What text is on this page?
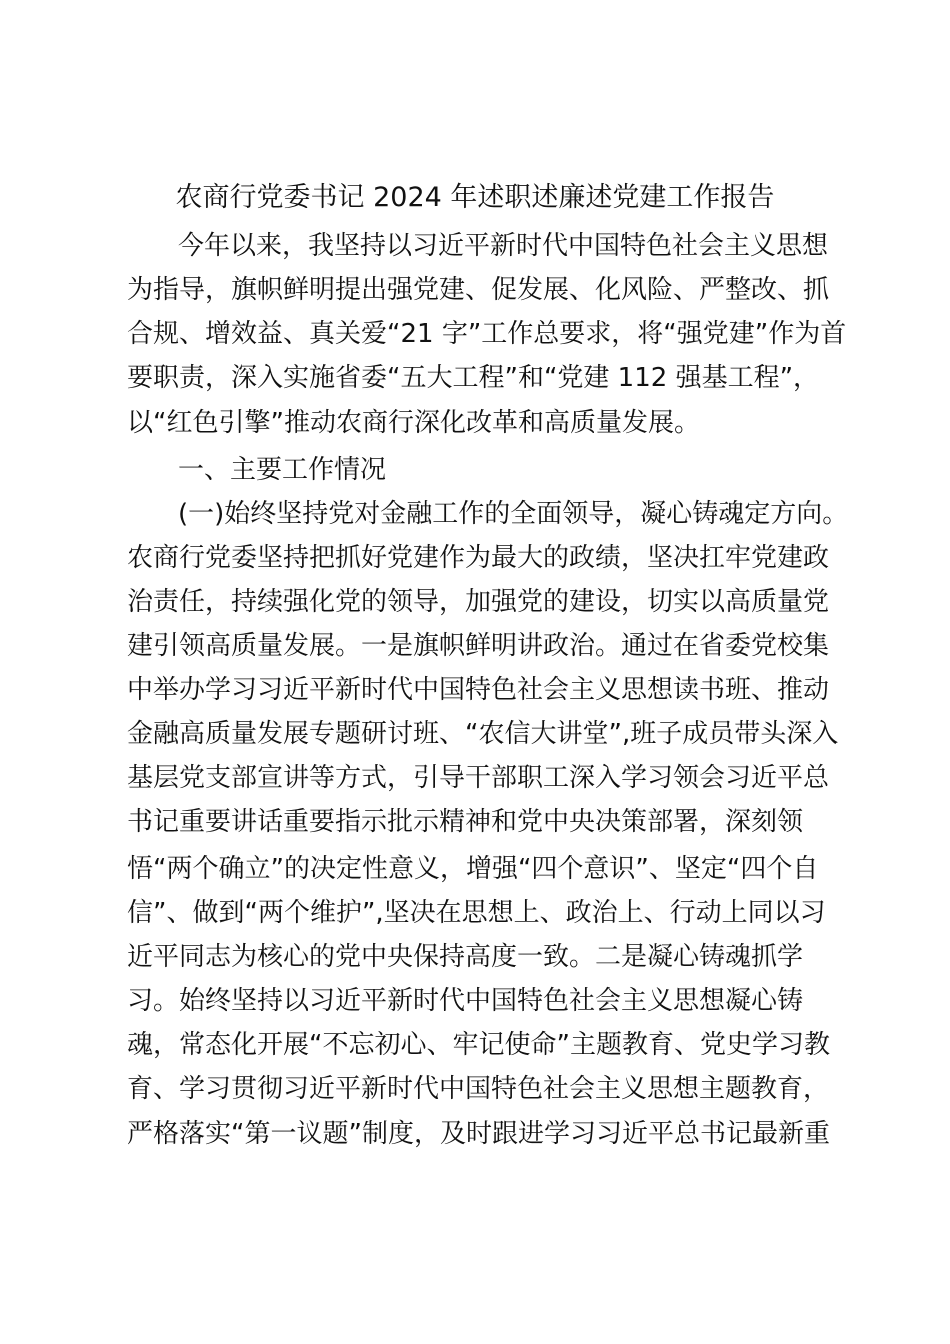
农商行党委书记 2024 年述职述廉述党建工作报告
今年以来，我坚持以习近平新时代中国特色社会主义思想
为指导，旗帜鲜明提出强党建、促发展、化风险、严整改、抓
合规、增效益、真关爱“21 字”工作总要求，将“强党建”作为首
要职责，深入实施省委“五大工程”和“党建 112 强基工程”，
以“红色引擎”推动农商行深化改革和高质量发展。
一、主要工作情况
(一)始终坚持党对金融工作的全面领导，凝心铸魂定方向。
农商行党委坚持把抓好党建作为最大的政绩，坚决扛牢党建政
治责任，持续强化党的领导，加强党的建设，切实以高质量党
建引领高质量发展。一是旗帜鲜明讲政治。通过在省委党校集
中举办学习习近平新时代中国特色社会主义思想读书班、推动
金融高质量发展专题研讨班、“农信大讲堂”,班子成员带头深入
基层党支部宣讲等方式，引导干部职工深入学习领会习近平总
书记重要讲话重要指示批示精神和党中央决策部署，深刻领
悟“两个确立”的决定性意义，增强“四个意识”、坚定“四个自
信”、做到“两个维护”,坚决在思想上、政治上、行动上同以习
近平同志为核心的党中央保持高度一致。二是凝心铸魂抓学
习。始终坚持以习近平新时代中国特色社会主义思想凝心铸
魂，常态化开展“不忘初心、牢记使命”主题教育、党史学习教
育、学习贯彻习近平新时代中国特色社会主义思想主题教育，
严格落实“第一议题”制度，及时跟进学习习近平总书记最新重
